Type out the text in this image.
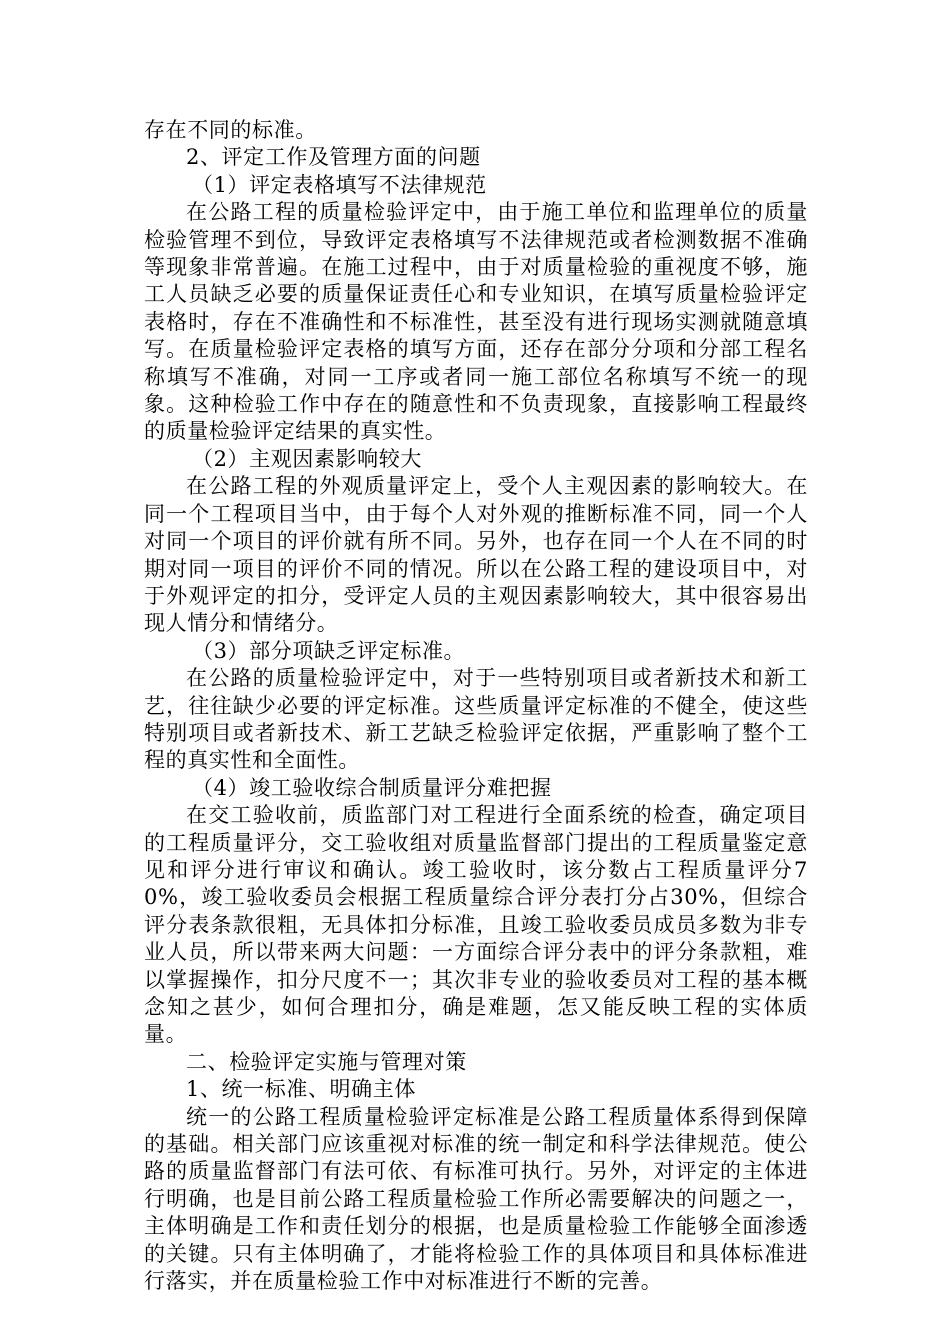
存在不同的标准。

2、评定工作及管理方面的问题

（1）评定表格填写不法律规范

在公路工程的质量检验评定中，由于施工单位和监理单位的质量检验管理不到位，导致评定表格填写不法律规范或者检测数据不准确等现象非常普遍。在施工过程中，由于对质量检验的重视度不够，施工人员缺乏必要的质量保证责任心和专业知识，在填写质量检验评定表格时，存在不准确性和不标准性，甚至没有进行现场实测就随意填写。在质量检验评定表格的填写方面，还存在部分分项和分部工程名称填写不准确，对同一工序或者同一施工部位名称填写不统一的现象。这种检验工作中存在的随意性和不负责现象，直接影响工程最终的质量检验评定结果的真实性。

（2）主观因素影响较大

在公路工程的外观质量评定上，受个人主观因素的影响较大。在同一个工程项目当中，由于每个人对外观的推断标准不同，同一个人对同一个项目的评价就有所不同。另外，也存在同一个人在不同的时期对同一项目的评价不同的情况。所以在公路工程的建设项目中，对于外观评定的扣分，受评定人员的主观因素影响较大，其中很容易出现人情分和情绪分。

（3）部分项缺乏评定标准。

在公路的质量检验评定中，对于一些特别项目或者新技术和新工艺，往往缺少必要的评定标准。这些质量评定标准的不健全，使这些特别项目或者新技术、新工艺缺乏检验评定依据，严重影响了整个工程的真实性和全面性。

（4）竣工验收综合制质量评分难把握

在交工验收前，质监部门对工程进行全面系统的检查，确定项目的工程质量评分，交工验收组对质量监督部门提出的工程质量鉴定意见和评分进行审议和确认。竣工验收时，该分数占工程质量评分70%，竣工验收委员会根据工程质量综合评分表打分占30%，但综合评分表条款很粗，无具体扣分标准，且竣工验收委员成员多数为非专业人员，所以带来两大问题：一方面综合评分表中的评分条款粗，难以掌握操作，扣分尺度不一；其次非专业的验收委员对工程的基本概念知之甚少，如何合理扣分，确是难题，怎又能反映工程的实体质量。

二、检验评定实施与管理对策

1、统一标准、明确主体

统一的公路工程质量检验评定标准是公路工程质量体系得到保障的基础。相关部门应该重视对标准的统一制定和科学法律规范。使公路的质量监督部门有法可依、有标准可执行。另外，对评定的主体进行明确，也是目前公路工程质量检验工作所必需要解决的问题之一，主体明确是工作和责任划分的根据，也是质量检验工作能够全面渗透的关键。只有主体明确了，才能将检验工作的具体项目和具体标准进行落实，并在质量检验工作中对标准进行不断的完善。
